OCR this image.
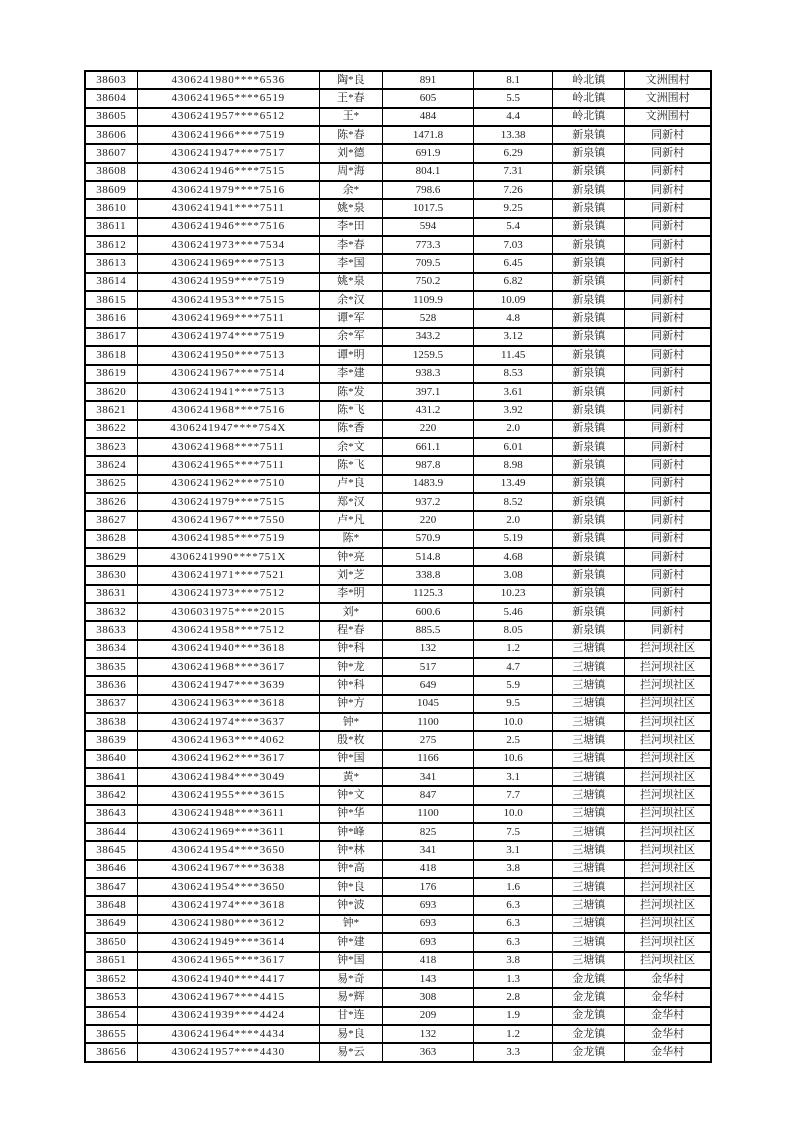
38603	4306241980****6536	陶*良	891	8.1	岭北镇	文洲围村
38604	4306241965****6519	王*春	605	5.5	岭北镇	文洲围村
38605	4306241957****6512	王*	484	4.4	岭北镇	文洲围村
38606	4306241966****7519	陈*春	1471.8	13.38	新泉镇	同新村
38607	4306241947****7517	刘*德	691.9	6.29	新泉镇	同新村
38608	4306241946****7515	周*海	804.1	7.31	新泉镇	同新村
38609	4306241979****7516	余*	798.6	7.26	新泉镇	同新村
38610	4306241941****7511	姚*泉	1017.5	9.25	新泉镇	同新村
38611	4306241946****7516	李*田	594	5.4	新泉镇	同新村
38612	4306241973****7534	李*春	773.3	7.03	新泉镇	同新村
38613	4306241969****7513	李*国	709.5	6.45	新泉镇	同新村
38614	4306241959****7519	姚*泉	750.2	6.82	新泉镇	同新村
38615	4306241953****7515	余*汉	1109.9	10.09	新泉镇	同新村
38616	4306241969****7511	谭*军	528	4.8	新泉镇	同新村
38617	4306241974****7519	余*军	343.2	3.12	新泉镇	同新村
38618	4306241950****7513	谭*明	1259.5	11.45	新泉镇	同新村
38619	4306241967****7514	李*建	938.3	8.53	新泉镇	同新村
38620	4306241941****7513	陈*发	397.1	3.61	新泉镇	同新村
38621	4306241968****7516	陈*飞	431.2	3.92	新泉镇	同新村
38622	4306241947****754X	陈*香	220	2.0	新泉镇	同新村
38623	4306241968****7511	余*文	661.1	6.01	新泉镇	同新村
38624	4306241965****7511	陈*飞	987.8	8.98	新泉镇	同新村
38625	4306241962****7510	卢*良	1483.9	13.49	新泉镇	同新村
38626	4306241979****7515	郑*汉	937.2	8.52	新泉镇	同新村
38627	4306241967****7550	卢*凡	220	2.0	新泉镇	同新村
38628	4306241985****7519	陈*	570.9	5.19	新泉镇	同新村
38629	4306241990****751X	钟*亮	514.8	4.68	新泉镇	同新村
38630	4306241971****7521	刘*芝	338.8	3.08	新泉镇	同新村
38631	4306241973****7512	李*明	1125.3	10.23	新泉镇	同新村
38632	4306031975****2015	刘*	600.6	5.46	新泉镇	同新村
38633	4306241958****7512	程*春	885.5	8.05	新泉镇	同新村
38634	4306241940****3618	钟*科	132	1.2	三塘镇	拦河坝社区
38635	4306241968****3617	钟*龙	517	4.7	三塘镇	拦河坝社区
38636	4306241947****3639	钟*科	649	5.9	三塘镇	拦河坝社区
38637	4306241963****3618	钟*方	1045	9.5	三塘镇	拦河坝社区
38638	4306241974****3637	钟*	1100	10.0	三塘镇	拦河坝社区
38639	4306241963****4062	殷*枚	275	2.5	三塘镇	拦河坝社区
38640	4306241962****3617	钟*国	1166	10.6	三塘镇	拦河坝社区
38641	4306241984****3049	黄*	341	3.1	三塘镇	拦河坝社区
38642	4306241955****3615	钟*文	847	7.7	三塘镇	拦河坝社区
38643	4306241948****3611	钟*华	1100	10.0	三塘镇	拦河坝社区
38644	4306241969****3611	钟*峰	825	7.5	三塘镇	拦河坝社区
38645	4306241954****3650	钟*林	341	3.1	三塘镇	拦河坝社区
38646	4306241967****3638	钟*高	418	3.8	三塘镇	拦河坝社区
38647	4306241954****3650	钟*良	176	1.6	三塘镇	拦河坝社区
38648	4306241974****3618	钟*波	693	6.3	三塘镇	拦河坝社区
38649	4306241980****3612	钟*	693	6.3	三塘镇	拦河坝社区
38650	4306241949****3614	钟*建	693	6.3	三塘镇	拦河坝社区
38651	4306241965****3617	钟*国	418	3.8	三塘镇	拦河坝社区
38652	4306241940****4417	易*奇	143	1.3	金龙镇	金华村
38653	4306241967****4415	易*辉	308	2.8	金龙镇	金华村
38654	4306241939****4424	甘*连	209	1.9	金龙镇	金华村
38655	4306241964****4434	易*良	132	1.2	金龙镇	金华村
38656	4306241957****4430	易*云	363	3.3	金龙镇	金华村
